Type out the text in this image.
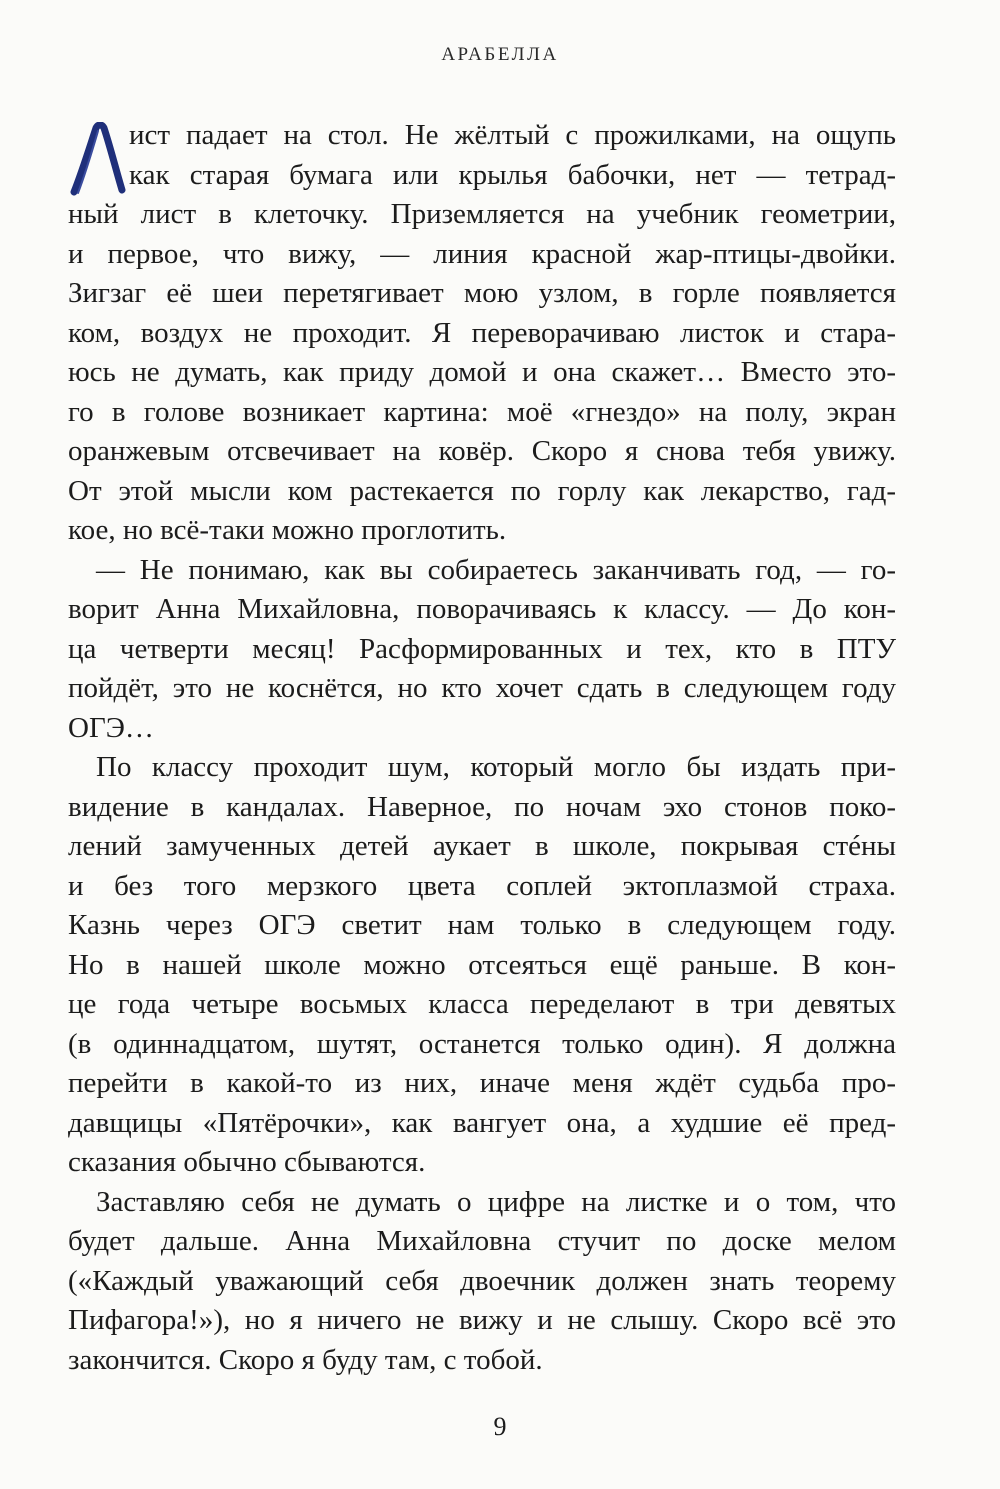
АРАБЕЛЛА
ист падает на стол. Не жёлтый с прожилками, на ощупь
как старая бумага или крылья бабочки, нет — тетрад-
ный лист в клеточку. Приземляется на учебник геометрии,
и первое, что вижу, — линия красной жар-птицы-двойки.
Зигзаг её шеи перетягивает мою узлом, в горле появляется
ком, воздух не проходит. Я переворачиваю листок и стара-
юсь не думать, как приду домой и она скажет… Вместо это-
го в голове возникает картина: моё «гнездо» на полу, экран
оранжевым отсвечивает на ковёр. Скоро я снова тебя увижу.
От этой мысли ком растекается по горлу как лекарство, гад-
кое, но всё-таки можно проглотить.
— Не понимаю, как вы собираетесь заканчивать год, — го-
ворит Анна Михайловна, поворачиваясь к классу. — До кон-
ца четверти месяц! Расформированных и тех, кто в ПТУ
пойдёт, это не коснётся, но кто хочет сдать в следующем году
ОГЭ…
По классу проходит шум, который могло бы издать при-
видение в кандалах. Наверное, по ночам эхо стонов поко-
лений замученных детей аукает в школе, покрывая стéны
и без того мерзкого цвета соплей эктоплазмой страха.
Казнь через ОГЭ светит нам только в следующем году.
Но в нашей школе можно отсеяться ещё раньше. В кон-
це года четыре восьмых класса переделают в три девятых
(в одиннадцатом, шутят, останется только один). Я должна
перейти в какой-то из них, иначе меня ждёт судьба про-
давщицы «Пятёрочки», как вангует она, а худшие её пред-
сказания обычно сбываются.
Заставляю себя не думать о цифре на листке и о том, что
будет дальше. Анна Михайловна стучит по доске мелом
(«Каждый уважающий себя двоечник должен знать теорему
Пифагора!»), но я ничего не вижу и не слышу. Скоро всё это
закончится. Скоро я буду там, с тобой.
9
